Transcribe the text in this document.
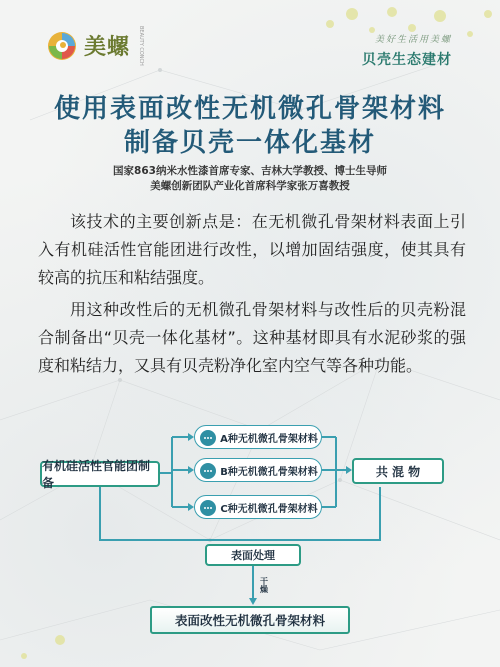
美螺 BEAUTY CONCH	美好生活用美螺
贝壳生态建材
使用表面改性无机微孔骨架材料
制备贝壳一体化基材
国家863纳米水性漆首席专家、吉林大学教授、博士生导师
美螺创新团队产业化首席科学家张万喜教授
该技术的主要创新点是：在无机微孔骨架材料表面上引入有机硅活性官能团进行改性，以增加固结强度，使其具有较高的抗压和粘结强度。
用这种改性后的无机微孔骨架材料与改性后的贝壳粉混合制备出“贝壳一体化基材”。这种基材即具有水泥砂浆的强度和粘结力，又具有贝壳粉净化室内空气等各种功能。
有机硅活性官能团制备
A种无机微孔骨架材料
B种无机微孔骨架材料
C种无机微孔骨架材料
共 混 物
表面处理
干燥
表面改性无机微孔骨架材料
